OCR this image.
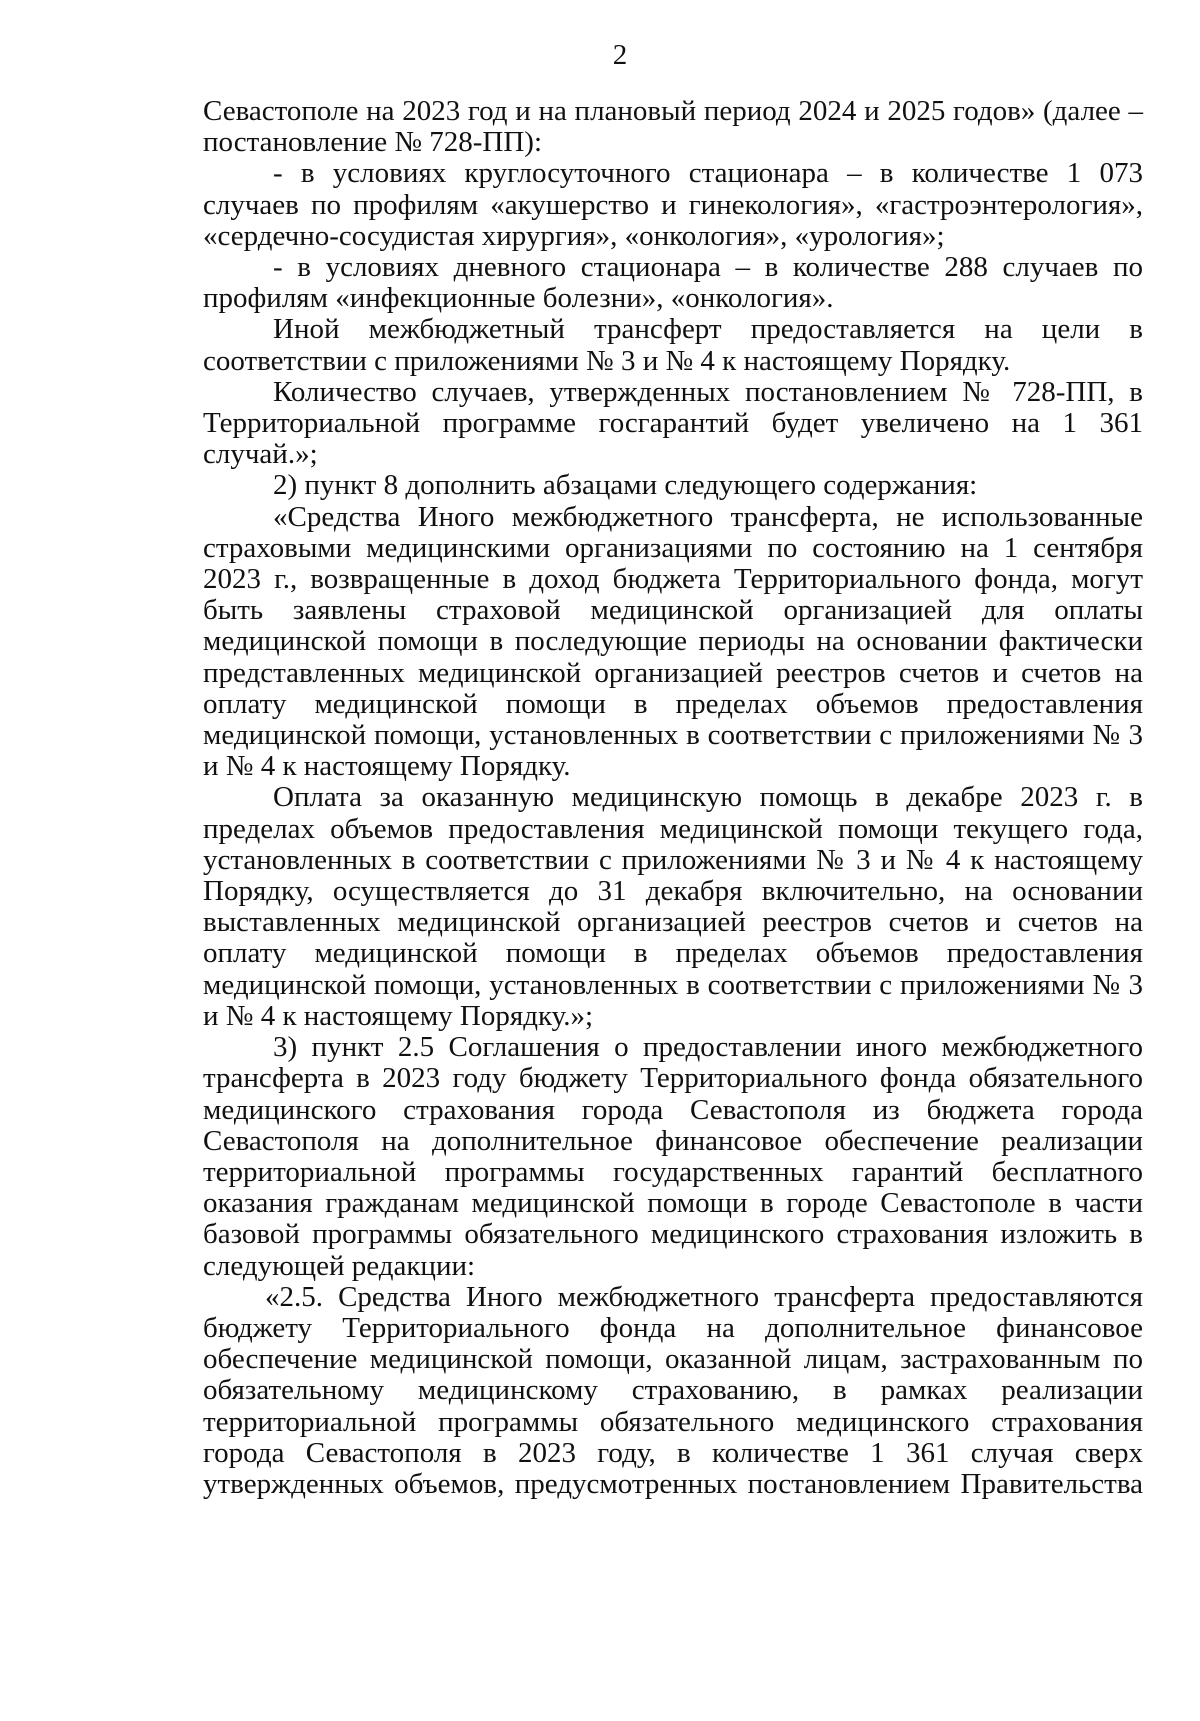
2

Севастополе на 2023 год и на плановый период 2024 и 2025 годов» (далее – постановление № 728-ПП):

- в условиях круглосуточного стационара – в количестве 1 073 случаев по профилям «акушерство и гинекология», «гастроэнтерология», «сердечно-сосудистая хирургия», «онкология», «урология»;

- в условиях дневного стационара – в количестве 288 случаев по профилям «инфекционные болезни», «онкология».

Иной межбюджетный трансферт предоставляется на цели в соответствии с приложениями № 3 и № 4 к настоящему Порядку.

Количество случаев, утвержденных постановлением № 728-ПП, в Территориальной программе госгарантий будет увеличено на 1 361 случай.»;

2) пункт 8 дополнить абзацами следующего содержания:

«Средства Иного межбюджетного трансферта, не использованные страховыми медицинскими организациями по состоянию на 1 сентября 2023 г., возвращенные в доход бюджета Территориального фонда, могут быть заявлены страховой медицинской организацией для оплаты медицинской помощи в последующие периоды на основании фактически представленных медицинской организацией реестров счетов и счетов на оплату медицинской помощи в пределах объемов предоставления медицинской помощи, установленных в соответствии с приложениями № 3 и № 4 к настоящему Порядку.

Оплата за оказанную медицинскую помощь в декабре 2023 г. в пределах объемов предоставления медицинской помощи текущего года, установленных в соответствии с приложениями № 3 и № 4 к настоящему Порядку, осуществляется до 31 декабря включительно, на основании выставленных медицинской организацией реестров счетов и счетов на оплату медицинской помощи в пределах объемов предоставления медицинской помощи, установленных в соответствии с приложениями № 3 и № 4 к настоящему Порядку.»;

3) пункт 2.5 Соглашения о предоставлении иного межбюджетного трансферта в 2023 году бюджету Территориального фонда обязательного медицинского страхования города Севастополя из бюджета города Севастополя на дополнительное финансовое обеспечение реализации территориальной программы государственных гарантий бесплатного оказания гражданам медицинской помощи в городе Севастополе в части базовой программы обязательного медицинского страхования изложить в следующей редакции:

«2.5. Средства Иного межбюджетного трансферта предоставляются бюджету Территориального фонда на дополнительное финансовое обеспечение медицинской помощи, оказанной лицам, застрахованным по обязательному медицинскому страхованию, в рамках реализации территориальной программы обязательного медицинского страхования города Севастополя в 2023 году, в количестве 1 361 случая сверх утвержденных объемов, предусмотренных постановлением Правительства
